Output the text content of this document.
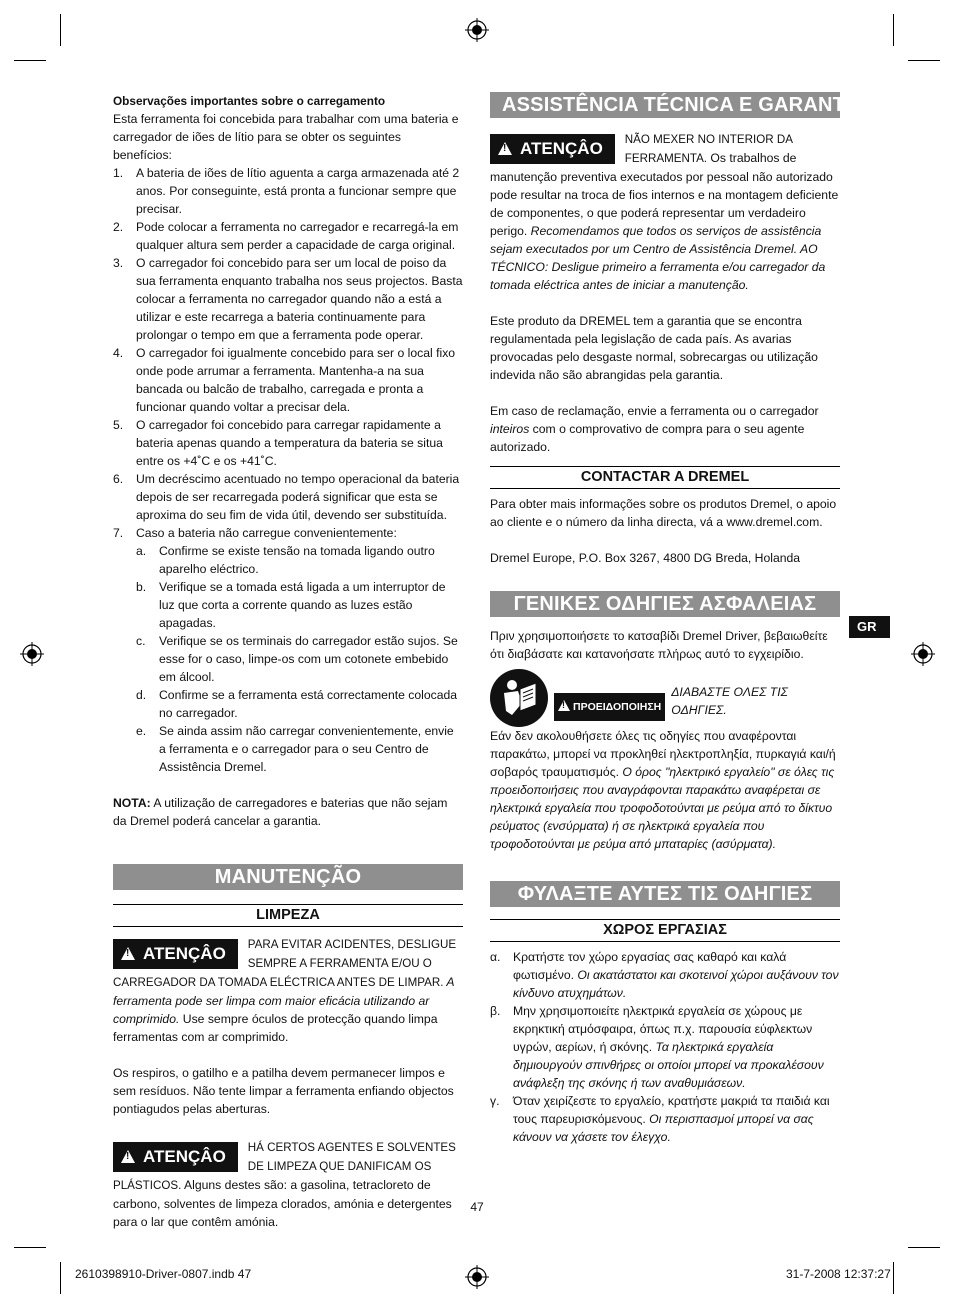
Observações importantes sobre o carregamento

Esta ferramenta foi concebida para trabalhar com uma bateria e carregador de iões de lítio para se obter os seguintes benefícios:

1. A bateria de iões de lítio aguenta a carga armazenada até 2 anos. Por conseguinte, está pronta a funcionar sempre que precisar.
2. Pode colocar a ferramenta no carregador e recarregá-la em qualquer altura sem perder a capacidade de carga original.
3. O carregador foi concebido para ser um local de poiso da sua ferramenta enquanto trabalha nos seus projectos. Basta colocar a ferramenta no carregador quando não a está a utilizar e este recarrega a bateria continuamente para prolongar o tempo em que a ferramenta pode operar.
4. O carregador foi igualmente concebido para ser o local fixo onde pode arrumar a ferramenta. Mantenha-a na sua bancada ou balcão de trabalho, carregada e pronta a funcionar quando voltar a precisar dela.
5. O carregador foi concebido para carregar rapidamente a bateria apenas quando a temperatura da bateria se situa entre os +4˚C e os +41˚C.
6. Um decréscimo acentuado no tempo operacional da bateria depois de ser recarregada poderá significar que esta se aproxima do seu fim de vida útil, devendo ser substituída.
7. Caso a bateria não carregue convenientemente:
a. Confirme se existe tensão na tomada ligando outro aparelho eléctrico.
b. Verifique se a tomada está ligada a um interruptor de luz que corta a corrente quando as luzes estão apagadas.
c. Verifique se os terminais do carregador estão sujos. Se esse for o caso, limpe-os com um cotonete embebido em álcool.
d. Confirme se a ferramenta está correctamente colocada no carregador.
e. Se ainda assim não carregar convenientemente, envie a ferramenta e o carregador para o seu Centro de Assistência Dremel.

NOTA: A utilização de carregadores e baterias que não sejam da Dremel poderá cancelar a garantia.

MANUTENÇÃO
LIMPEZA
! ATENÇÂO	PARA EVITAR ACIDENTES, DESLIGUE SEMPRE A FERRAMENTA E/OU O CARREGADOR DA TOMADA ELÉCTRICA ANTES DE LIMPAR. A ferramenta pode ser limpa com maior eficácia utilizando ar comprimido. Use sempre óculos de protecção quando limpa ferramentas com ar comprimido.

Os respiros, o gatilho e a patilha devem permanecer limpos e sem resíduos. Não tente limpar a ferramenta enfiando objectos pontiagudos pelas aberturas.

! ATENÇÂO	HÁ CERTOS AGENTES E SOLVENTES DE LIMPEZA QUE DANIFICAM OS PLÁSTICOS. Alguns destes são: a gasolina, tetracloreto de carbono, solventes de limpeza clorados, amónia e detergentes para o lar que contêm amónia.
ASSISTÊNCIA TÉCNICA E GARANTIA
! ATENÇÂO	NÃO MEXER NO INTERIOR DA FERRAMENTA. Os trabalhos de manutenção preventiva executados por pessoal não autorizado pode resultar na troca de fios internos e na montagem deficiente de componentes, o que poderá representar um verdadeiro perigo. Recomendamos que todos os serviços de assistência sejam executados por um Centro de Assistência Dremel. AO TÉCNICO: Desligue primeiro a ferramenta e/ou carregador da tomada eléctrica antes de iniciar a manutenção.

Este produto da DREMEL tem a garantia que se encontra regulamentada pela legislação de cada país. As avarias provocadas pelo desgaste normal, sobrecargas ou utilização indevida não são abrangidas pela garantia.

Em caso de reclamação, envie a ferramenta ou o carregador inteiros com o comprovativo de compra para o seu agente autorizado.

CONTACTAR A DREMEL

Para obter mais informações sobre os produtos Dremel, o apoio ao cliente e o número da linha directa, vá a www.dremel.com.

Dremel Europe, P.O. Box 3267, 4800 DG Breda, Holanda

ΓΕΝΙΚΕΣ ΟΔΗΓΙΕΣ ΑΣΦΑΛΕΙΑΣ

Πριν χρησιμοποιήσετε το κατσαβίδι Dremel Driver, βεβαιωθείτε ότι διαβάσατε και κατανοήσατε πλήρως αυτό το εγχειρίδιο.

! ΠΡΟΕΙΔΟΠΟΙΗΣΗ
ΔΙΑΒΑΣΤΕ ΟΛΕΣ ΤΙΣ ΟΔΗΓΙΕΣ.

Εάν δεν ακολουθήσετε όλες τις οδηγίες που αναφέρονται παρακάτω, μπορεί να προκληθεί ηλεκτροπληξία, πυρκαγιά και/ή σοβαρός τραυματισμός. Ο όρος "ηλεκτρικό εργαλείο" σε όλες τις προειδοποιήσεις που αναγράφονται παρακάτω αναφέρεται σε ηλεκτρικά εργαλεία που τροφοδοτούνται με ρεύμα από το δίκτυο ρεύματος (ενσύρματα) ή σε ηλεκτρικά εργαλεία που τροφοδοτούνται με ρεύμα από μπαταρίες (ασύρματα).

ΦΥΛΑΞΤΕ ΑΥΤΕΣ ΤΙΣ ΟΔΗΓΙΕΣ
ΧΩΡΟΣ ΕΡΓΑΣΙΑΣ
α. Κρατήστε τον χώρο εργασίας σας καθαρό και καλά φωτισμένο. Οι ακατάστατοι και σκοτεινοί χώροι αυξάνουν τον κίνδυνο ατυχημάτων.
β. Μην χρησιμοποιείτε ηλεκτρικά εργαλεία σε χώρους με εκρηκτική ατμόσφαιρα, όπως π.χ. παρουσία εύφλεκτων υγρών, αερίων, ή σκόνης. Τα ηλεκτρικά εργαλεία δημιουργούν σπινθήρες οι οποίοι μπορεί να προκαλέσουν ανάφλεξη της σκόνης ή των αναθυμιάσεων.
γ. Όταν χειρίζεστε το εργαλείο, κρατήστε μακριά τα παιδιά και τους παρευρισκόμενους. Οι περισπασμοί μπορεί να σας κάνουν να χάσετε τον έλεγχο.
GR
47
2610398910-Driver-0807.indb 47	31-7-2008 12:37:27
